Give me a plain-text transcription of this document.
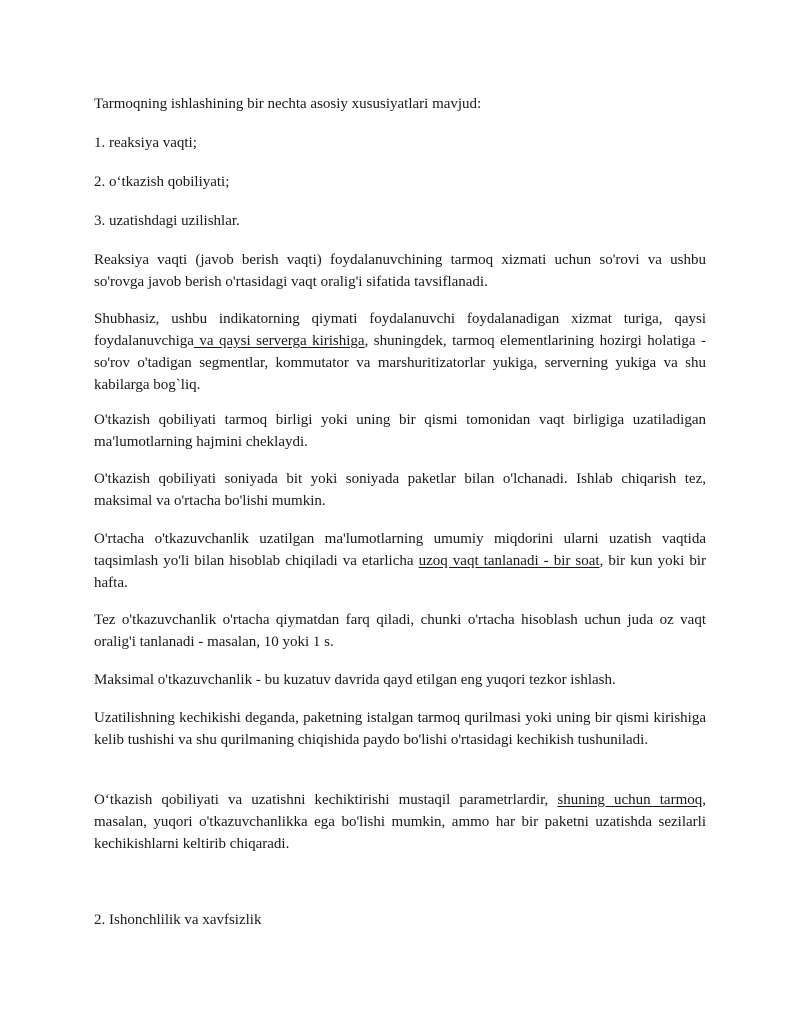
Tarmoqning ishlashining bir nechta asosiy xususiyatlari mavjud:

1. reaksiya vaqti;

2. o‘tkazish qobiliyati;

3. uzatishdagi uzilishlar.

Reaksiya vaqti (javob berish vaqti) foydalanuvchining tarmoq xizmati uchun so'rovi va ushbu so'rovga javob berish o'rtasidagi vaqt oralig'i sifatida tavsiflanadi.

Shubhasiz, ushbu indikatorning qiymati foydalanuvchi foydalanadigan xizmat turiga, qaysi foydalanuvchiga va qaysi serverga kirishiga, shuningdek, tarmoq elementlarining hozirgi holatiga - so'rov o'tadigan segmentlar, kommutator va marshuritizatorlar yukiga, serverning yukiga va shu kabilarga bog`liq.

O'tkazish qobiliyati tarmoq birligi yoki uning bir qismi tomonidan vaqt birligiga uzatiladigan ma'lumotlarning hajmini cheklaydi.

O'tkazish qobiliyati soniyada bit yoki soniyada paketlar bilan o'lchanadi. Ishlab chiqarish tez, maksimal va o'rtacha bo'lishi mumkin.

O'rtacha o'tkazuvchanlik uzatilgan ma'lumotlarning umumiy miqdorini ularni uzatish vaqtida taqsimlash yo'li bilan hisoblab chiqiladi va etarlicha uzoq vaqt tanlanadi - bir soat, bir kun yoki bir hafta.

Tez o'tkazuvchanlik o'rtacha qiymatdan farq qiladi, chunki o'rtacha hisoblash uchun juda oz vaqt oralig'i tanlanadi - masalan, 10 yoki 1 s.

Maksimal o'tkazuvchanlik - bu kuzatuv davrida qayd etilgan eng yuqori tezkor ishlash.

Uzatilishning kechikishi deganda, paketning istalgan tarmoq qurilmasi yoki uning bir qismi kirishiga kelib tushishi va shu qurilmaning chiqishida paydo bo'lishi o'rtasidagi kechikish tushuniladi.

O‘tkazish qobiliyati va uzatishni kechiktirishi mustaqil parametrlardir, shuning uchun tarmoq, masalan, yuqori o'tkazuvchanlikka ega bo'lishi mumkin, ammo har bir paketni uzatishda sezilarli kechikishlarni keltirib chiqaradi.

2. Ishonchlilik va xavfsizlik
